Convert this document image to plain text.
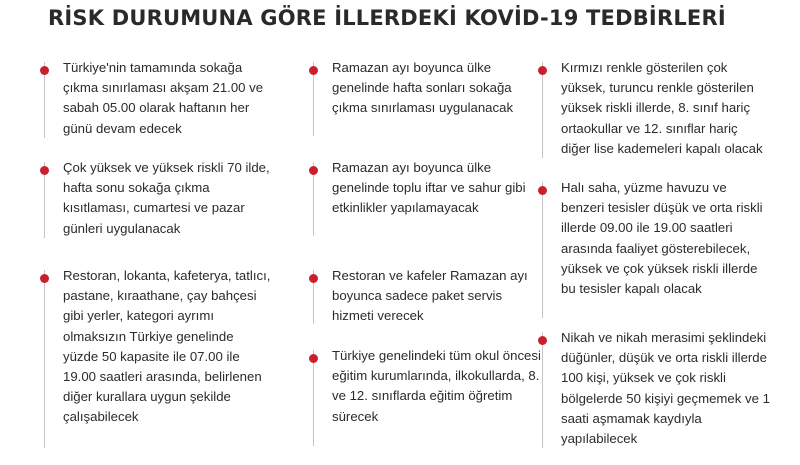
RİSK DURUMUNA GÖRE İLLERDEKİ KOVİD-19 TEDBİRLERİ
Türkiye'nin tamamında sokağa çıkma sınırlaması akşam 21.00 ve sabah 05.00 olarak haftanın her günü devam edecek
Çok yüksek ve yüksek riskli 70 ilde, hafta sonu sokağa çıkma kısıtlaması, cumartesi ve pazar günleri uygulanacak
Restoran, lokanta, kafeterya, tatlıcı, pastane, kıraathane, çay bahçesi gibi yerler, kategori ayrımı olmaksızın Türkiye genelinde yüzde 50 kapasite ile 07.00 ile 19.00 saatleri arasında, belirlenen diğer kurallara uygun şekilde çalışabilecek
Ramazan ayı boyunca ülke genelinde hafta sonları sokağa çıkma sınırlaması uygulanacak
Ramazan ayı boyunca ülke genelinde toplu iftar ve sahur gibi etkinlikler yapılamayacak
Restoran ve kafeler Ramazan ayı boyunca sadece paket servis hizmeti verecek
Türkiye genelindeki tüm okul öncesi eğitim kurumlarında, ilkokullarda, 8. ve 12. sınıflarda eğitim öğretim sürecek
Kırmızı renkle gösterilen çok yüksek, turuncu renkle gösterilen yüksek riskli illerde, 8. sınıf hariç ortaokullar ve 12. sınıflar hariç diğer lise kademeleri kapalı olacak
Halı saha, yüzme havuzu ve benzeri tesisler düşük ve orta riskli illerde 09.00 ile 19.00 saatleri arasında faaliyet gösterebilecek, yüksek ve çok yüksek riskli illerde bu tesisler kapalı olacak
Nikah ve nikah merasimi şeklindeki düğünler, düşük ve orta riskli illerde 100 kişi, yüksek ve çok riskli bölgelerde 50 kişiyi geçmemek ve 1 saati aşmamak kaydıyla yapılabilecek
